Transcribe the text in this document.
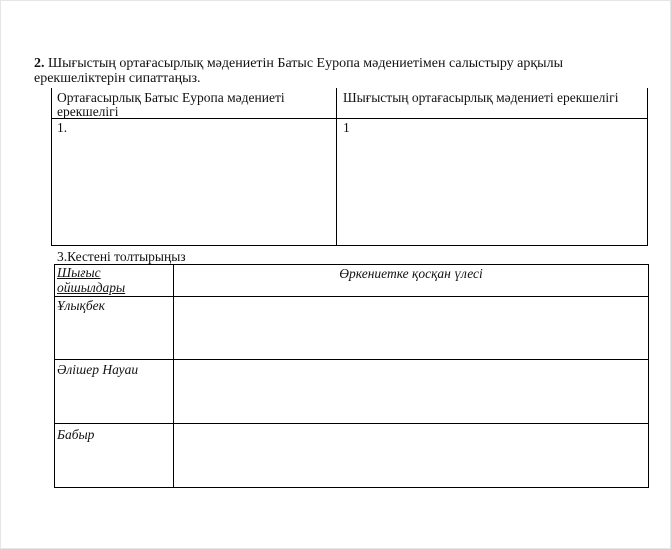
2. Шығыстың ортағасырлық мәдениетін Батыс Еуропа мәдениетімен салыстыру арқылы ерекшеліктерін сипаттаңыз.
Ортағасырлық Батыс Еуропа мәдениеті ерекшелігі
Шығыстың ортағасырлық мәдениеті ерекшелігі
1.	1
3.Кестені толтырыңыз
Шығыс ойшылдары
Өркениетке қосқан үлесі
Ұлықбек
Әлішер Науаи
Бабыр
